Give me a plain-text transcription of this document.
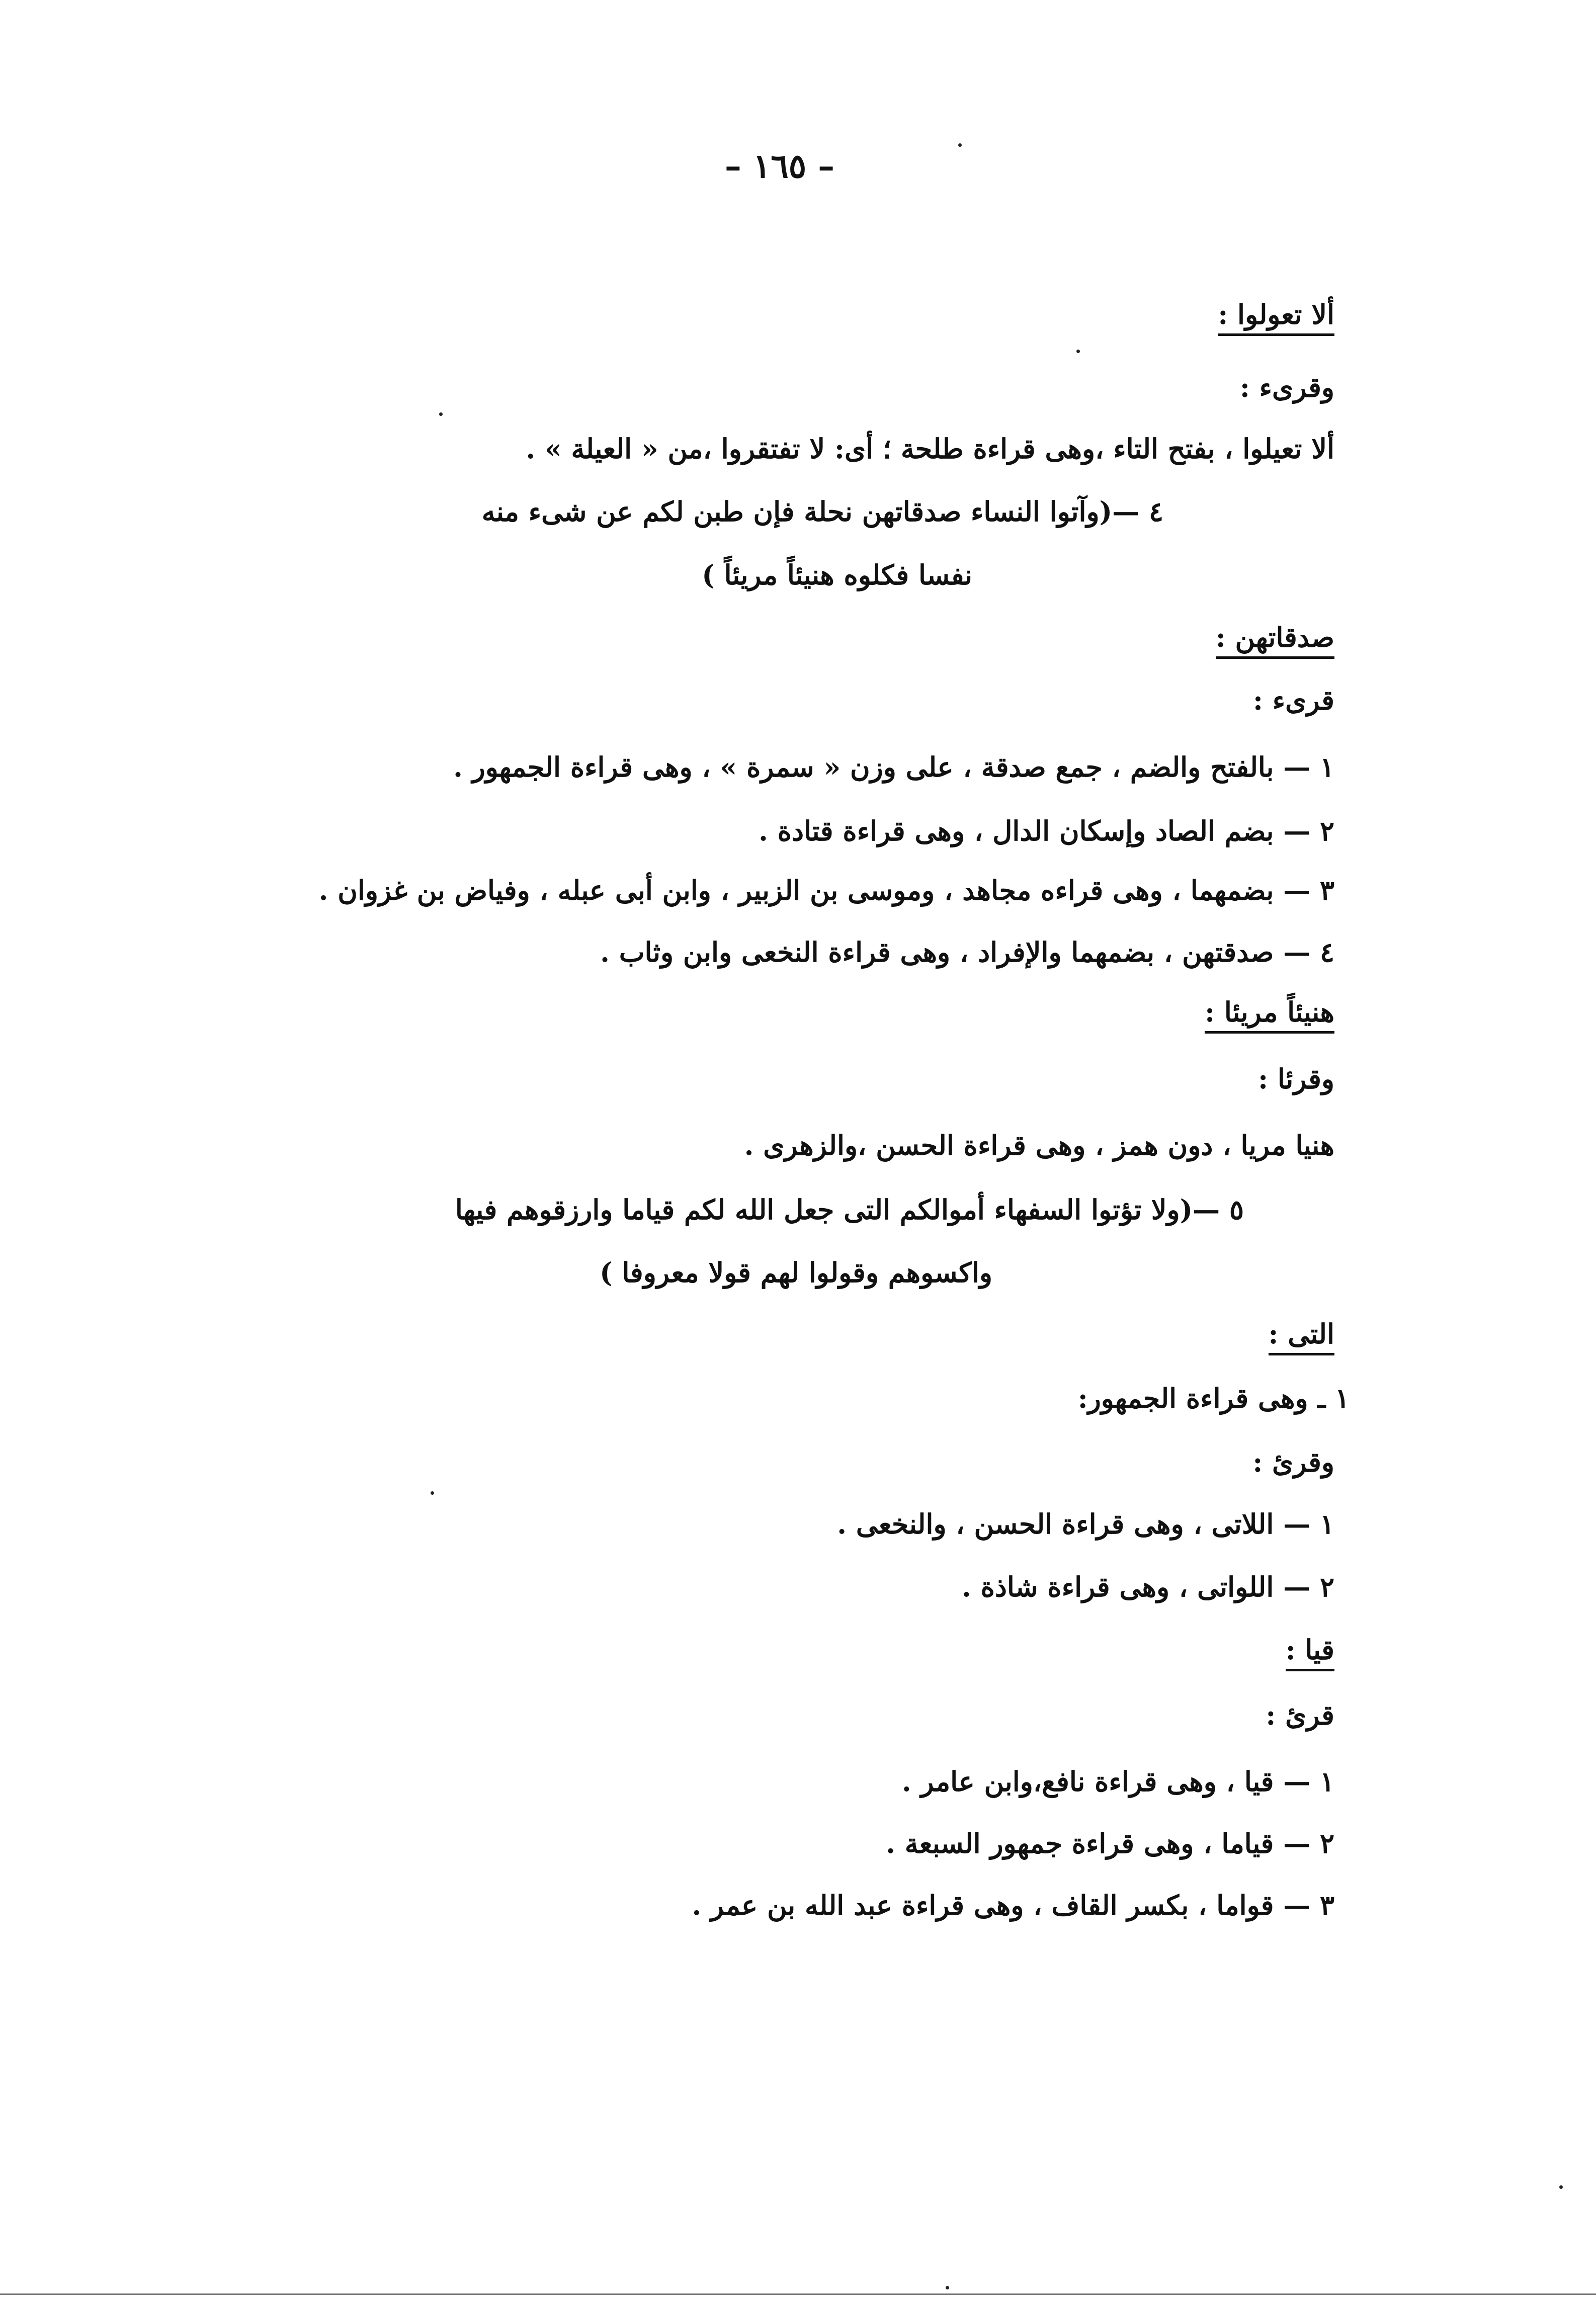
– ١٦٥ –
ألا تعولوا :
وقرىء :
ألا تعيلوا ، بفتح التاء ،وهى قراءة طلحة ؛ أى: لا تفتقروا ،من « العيلة » .
٤ —(وآتوا النساء صدقاتهن نحلة فإن طبن لكم عن شىء منه
نفسا فكلوه هنيئاً مريئاً )
صدقاتهن :
قرىء :
١ — بالفتح والضم ، جمع صدقة ، على وزن « سمرة » ، وهى قراءة الجمهور .
٢ — بضم الصاد وإسكان الدال ، وهى قراءة قتادة .
٣ — بضمهما ، وهى قراءه مجاهد ، وموسى بن الزبير ، وابن أبى عبله ، وفياض بن غزوان .
٤ — صدقتهن ، بضمهما والإفراد ، وهى قراءة النخعى وابن وثاب .
هنيئاً مريئا :
وقرئا :
هنيا مريا ، دون همز ، وهى قراءة الحسن ،والزهرى .
٥ —(ولا تؤتوا السفهاء أموالكم التى جعل الله لكم قياما وارزقوهم فيها
واكسوهم وقولوا لهم قولا معروفا )
التى :
١ ـ وهى قراءة الجمهور:
وقرئ :
١ — اللاتى ، وهى قراءة الحسن ، والنخعى .
٢ — اللواتى ، وهى قراءة شاذة .
قيا :
قرئ :
١ — قيا ، وهى قراءة نافع،وابن عامر .
٢ — قياما ، وهى قراءة جمهور السبعة .
٣ — قواما ، بكسر القاف ، وهى قراءة عبد الله بن عمر .
